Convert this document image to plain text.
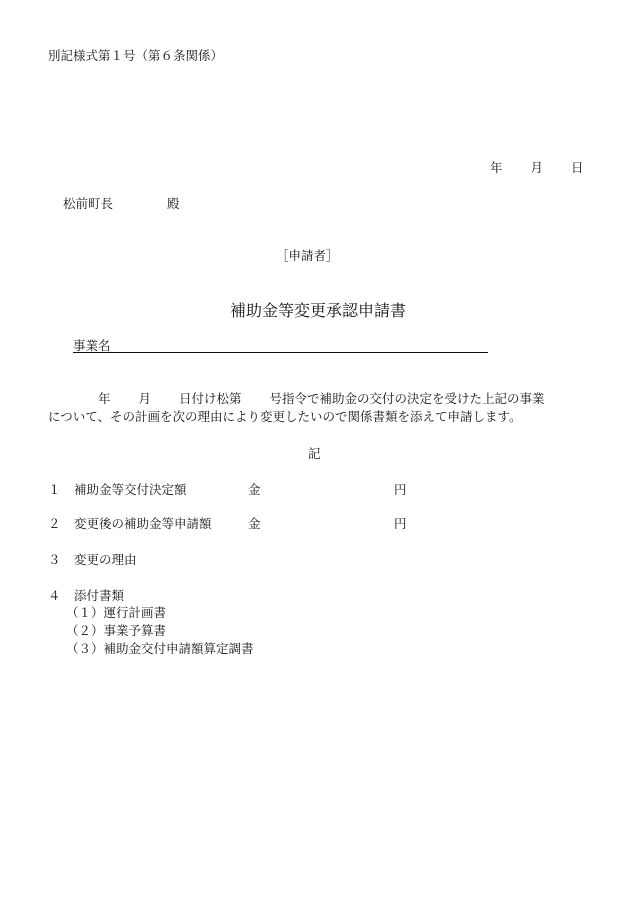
別記様式第１号（第６条関係）
年 月 日
松前町長	殿
［申請者］
補助金等変更承認申請書
事業名
年 月 日付け松第 号指令で補助金の交付の決定を受けた上記の事業
について、その計画を次の理由により変更したいので関係書類を添えて申請します。
記
１ 補助金等交付決定額	金	円
２ 変更後の補助金等申請額	金	円
３ 変更の理由
４ 添付書類
（１）運行計画書
（２）事業予算書
（３）補助金交付申請額算定調書
